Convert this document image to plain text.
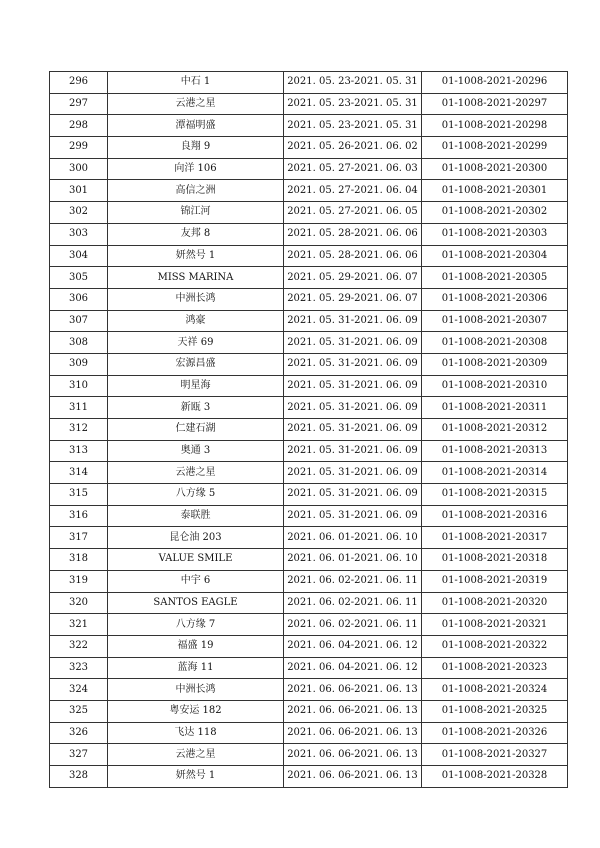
296	中石 1	2021. 05. 23-2021. 05. 31	01-1008-2021-20296
297	云港之星	2021. 05. 23-2021. 05. 31	01-1008-2021-20297
298	潭福明盛	2021. 05. 23-2021. 05. 31	01-1008-2021-20298
299	良翔 9	2021. 05. 26-2021. 06. 02	01-1008-2021-20299
300	向洋 106	2021. 05. 27-2021. 06. 03	01-1008-2021-20300
301	高信之洲	2021. 05. 27-2021. 06. 04	01-1008-2021-20301
302	锦江河	2021. 05. 27-2021. 06. 05	01-1008-2021-20302
303	友邦 8	2021. 05. 28-2021. 06. 06	01-1008-2021-20303
304	妍然号 1	2021. 05. 28-2021. 06. 06	01-1008-2021-20304
305	MISS MARINA	2021. 05. 29-2021. 06. 07	01-1008-2021-20305
306	中洲长鸿	2021. 05. 29-2021. 06. 07	01-1008-2021-20306
307	鸿豪	2021. 05. 31-2021. 06. 09	01-1008-2021-20307
308	天祥 69	2021. 05. 31-2021. 06. 09	01-1008-2021-20308
309	宏源昌盛	2021. 05. 31-2021. 06. 09	01-1008-2021-20309
310	明星海	2021. 05. 31-2021. 06. 09	01-1008-2021-20310
311	新瓯 3	2021. 05. 31-2021. 06. 09	01-1008-2021-20311
312	仁建石湖	2021. 05. 31-2021. 06. 09	01-1008-2021-20312
313	奥通 3	2021. 05. 31-2021. 06. 09	01-1008-2021-20313
314	云港之星	2021. 05. 31-2021. 06. 09	01-1008-2021-20314
315	八方缘 5	2021. 05. 31-2021. 06. 09	01-1008-2021-20315
316	泰联胜	2021. 05. 31-2021. 06. 09	01-1008-2021-20316
317	昆仑油 203	2021. 06. 01-2021. 06. 10	01-1008-2021-20317
318	VALUE SMILE	2021. 06. 01-2021. 06. 10	01-1008-2021-20318
319	中宇 6	2021. 06. 02-2021. 06. 11	01-1008-2021-20319
320	SANTOS EAGLE	2021. 06. 02-2021. 06. 11	01-1008-2021-20320
321	八方缘 7	2021. 06. 02-2021. 06. 11	01-1008-2021-20321
322	福盛 19	2021. 06. 04-2021. 06. 12	01-1008-2021-20322
323	蓝海 11	2021. 06. 04-2021. 06. 12	01-1008-2021-20323
324	中洲长鸿	2021. 06. 06-2021. 06. 13	01-1008-2021-20324
325	粤安运 182	2021. 06. 06-2021. 06. 13	01-1008-2021-20325
326	飞达 118	2021. 06. 06-2021. 06. 13	01-1008-2021-20326
327	云港之星	2021. 06. 06-2021. 06. 13	01-1008-2021-20327
328	妍然号 1	2021. 06. 06-2021. 06. 13	01-1008-2021-20328
